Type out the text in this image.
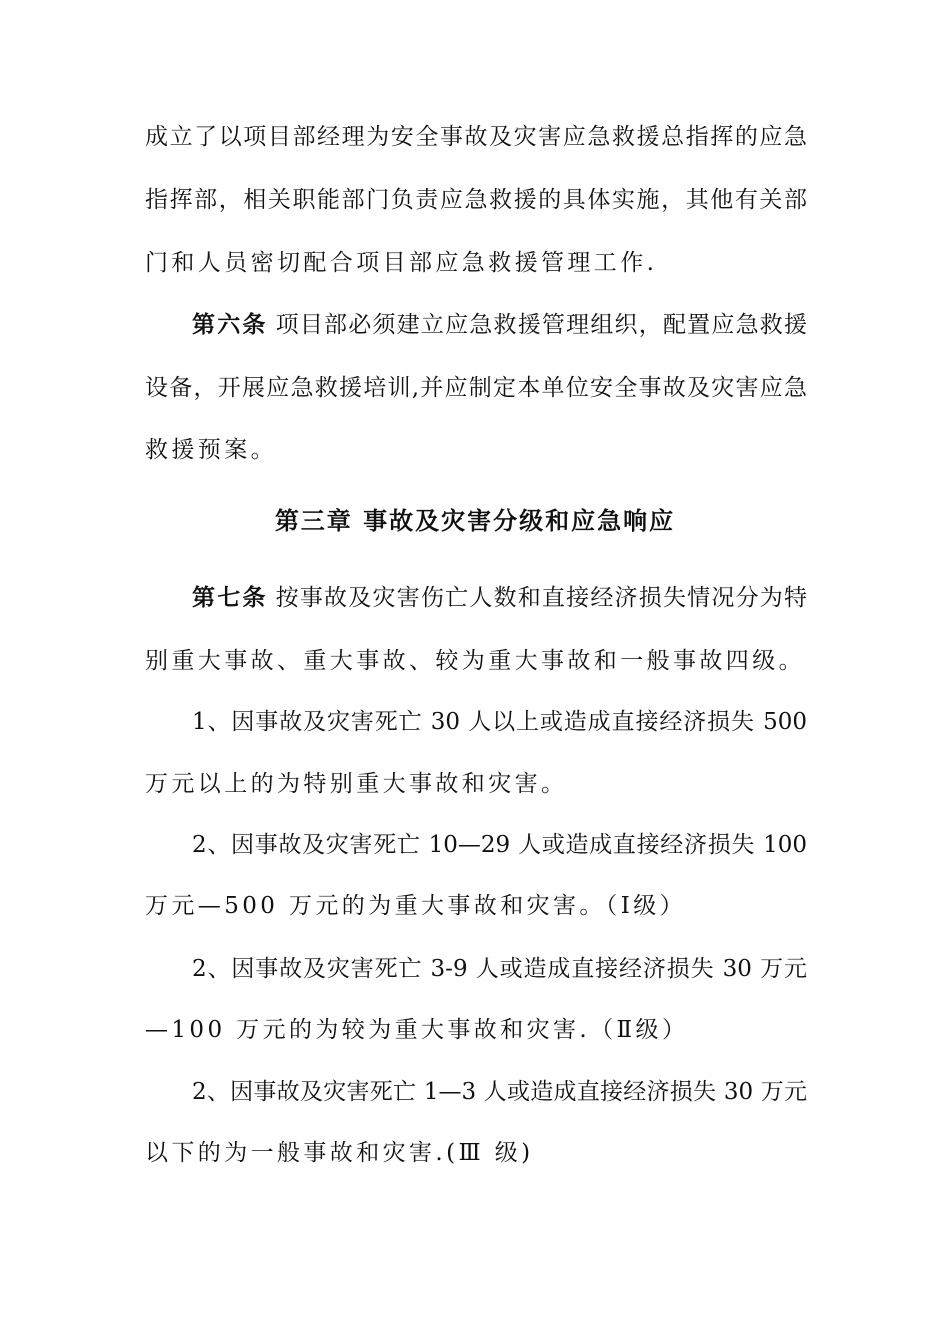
成立了以项目部经理为安全事故及灾害应急救援总指挥的应急
指挥部，相关职能部门负责应急救援的具体实施，其他有关部
门和人员密切配合项目部应急救援管理工作.
第六条 项目部必须建立应急救援管理组织，配置应急救援
设备，开展应急救援培训,并应制定本单位安全事故及灾害应急
救援预案。
第三章 事故及灾害分级和应急响应
第七条 按事故及灾害伤亡人数和直接经济损失情况分为特
别重大事故、重大事故、较为重大事故和一般事故四级。
1、因事故及灾害死亡 30 人以上或造成直接经济损失 500
万元以上的为特别重大事故和灾害。
2、因事故及灾害死亡 10—29 人或造成直接经济损失 100
万元—500 万元的为重大事故和灾害。（Ⅰ级）
2、因事故及灾害死亡 3-9 人或造成直接经济损失 30 万元
—100 万元的为较为重大事故和灾害.（Ⅱ级）
2、因事故及灾害死亡 1—3 人或造成直接经济损失 30 万元
以下的为一般事故和灾害.(Ⅲ 级)
